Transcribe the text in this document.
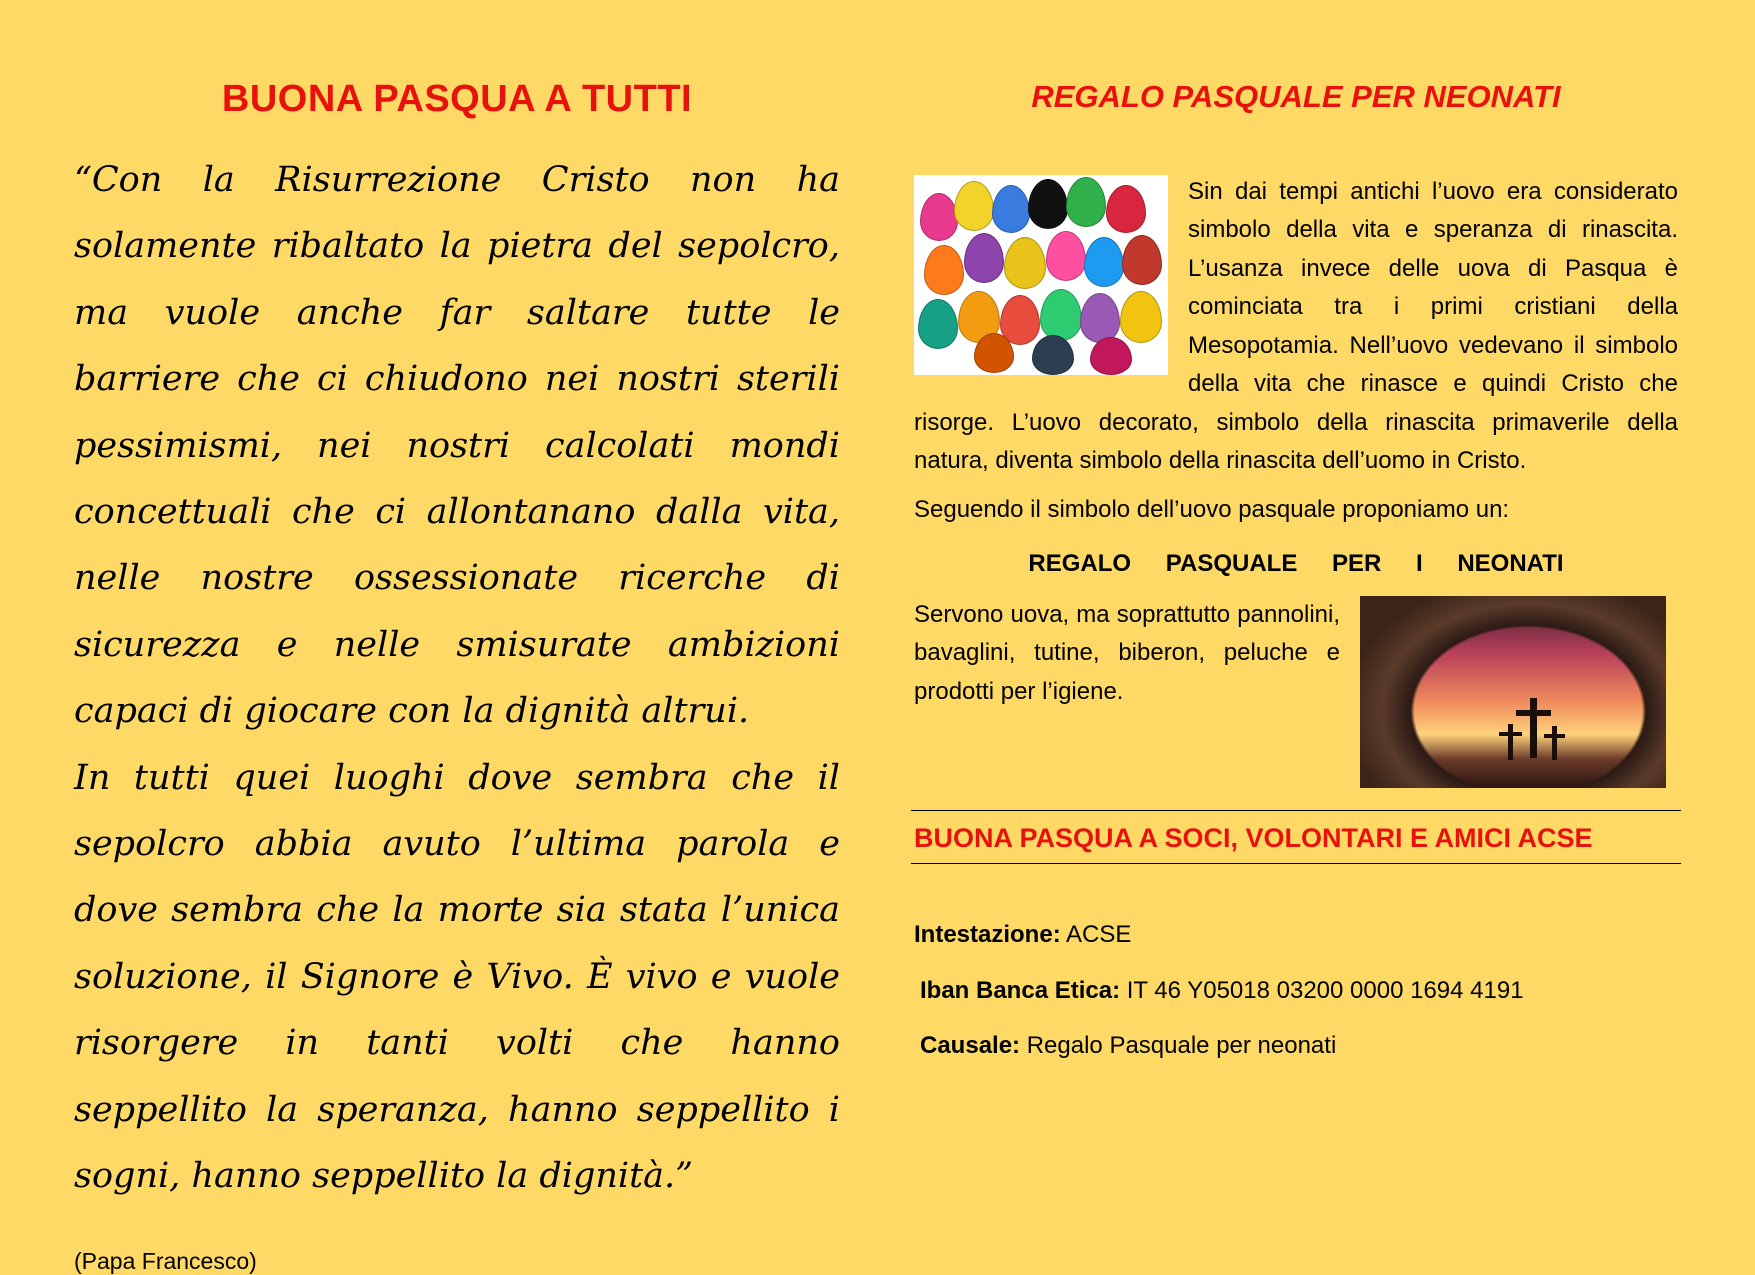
BUONA PASQUA A TUTTI

“Con la Risurrezione Cristo non ha solamente ribaltato la pietra del sepolcro, ma vuole anche far saltare tutte le barriere che ci chiudono nei nostri sterili pessimismi, nei nostri calcolati mondi concettuali che ci allontanano dalla vita, nelle nostre ossessionate ricerche di sicurezza e nelle smisurate ambizioni capaci di giocare con la dignità altrui.

In tutti quei luoghi dove sembra che il sepolcro abbia avuto l’ultima parola e dove sembra che la morte sia stata l’unica soluzione, il Signore è Vivo. È vivo e vuole risorgere in tanti volti che hanno seppellito la speranza, hanno seppellito i sogni, hanno seppellito la dignità.”

(Papa Francesco)
REGALO PASQUALE PER NEONATI

Sin dai tempi antichi l’uovo era considerato simbolo della vita e speranza di rinascita. L’usanza invece delle uova di Pasqua è cominciata tra i primi cristiani della Mesopotamia. Nell’uovo vedevano il simbolo della vita che rinasce e quindi Cristo che risorge. L’uovo decorato, simbolo della rinascita primaverile della natura, diventa simbolo della rinascita dell’uomo in Cristo.

Seguendo il simbolo dell’uovo pasquale proponiamo un:

REGALO PASQUALE PER I NEONATI

Servono uova, ma soprattutto pannolini, bavaglini, tutine, biberon, peluche e prodotti per l’igiene.

BUONA PASQUA A SOCI, VOLONTARI E AMICI ACSE
Intestazione: ACSE
Iban Banca Etica: IT 46 Y05018 03200 0000 1694 4191
Causale: Regalo Pasquale per neonati
